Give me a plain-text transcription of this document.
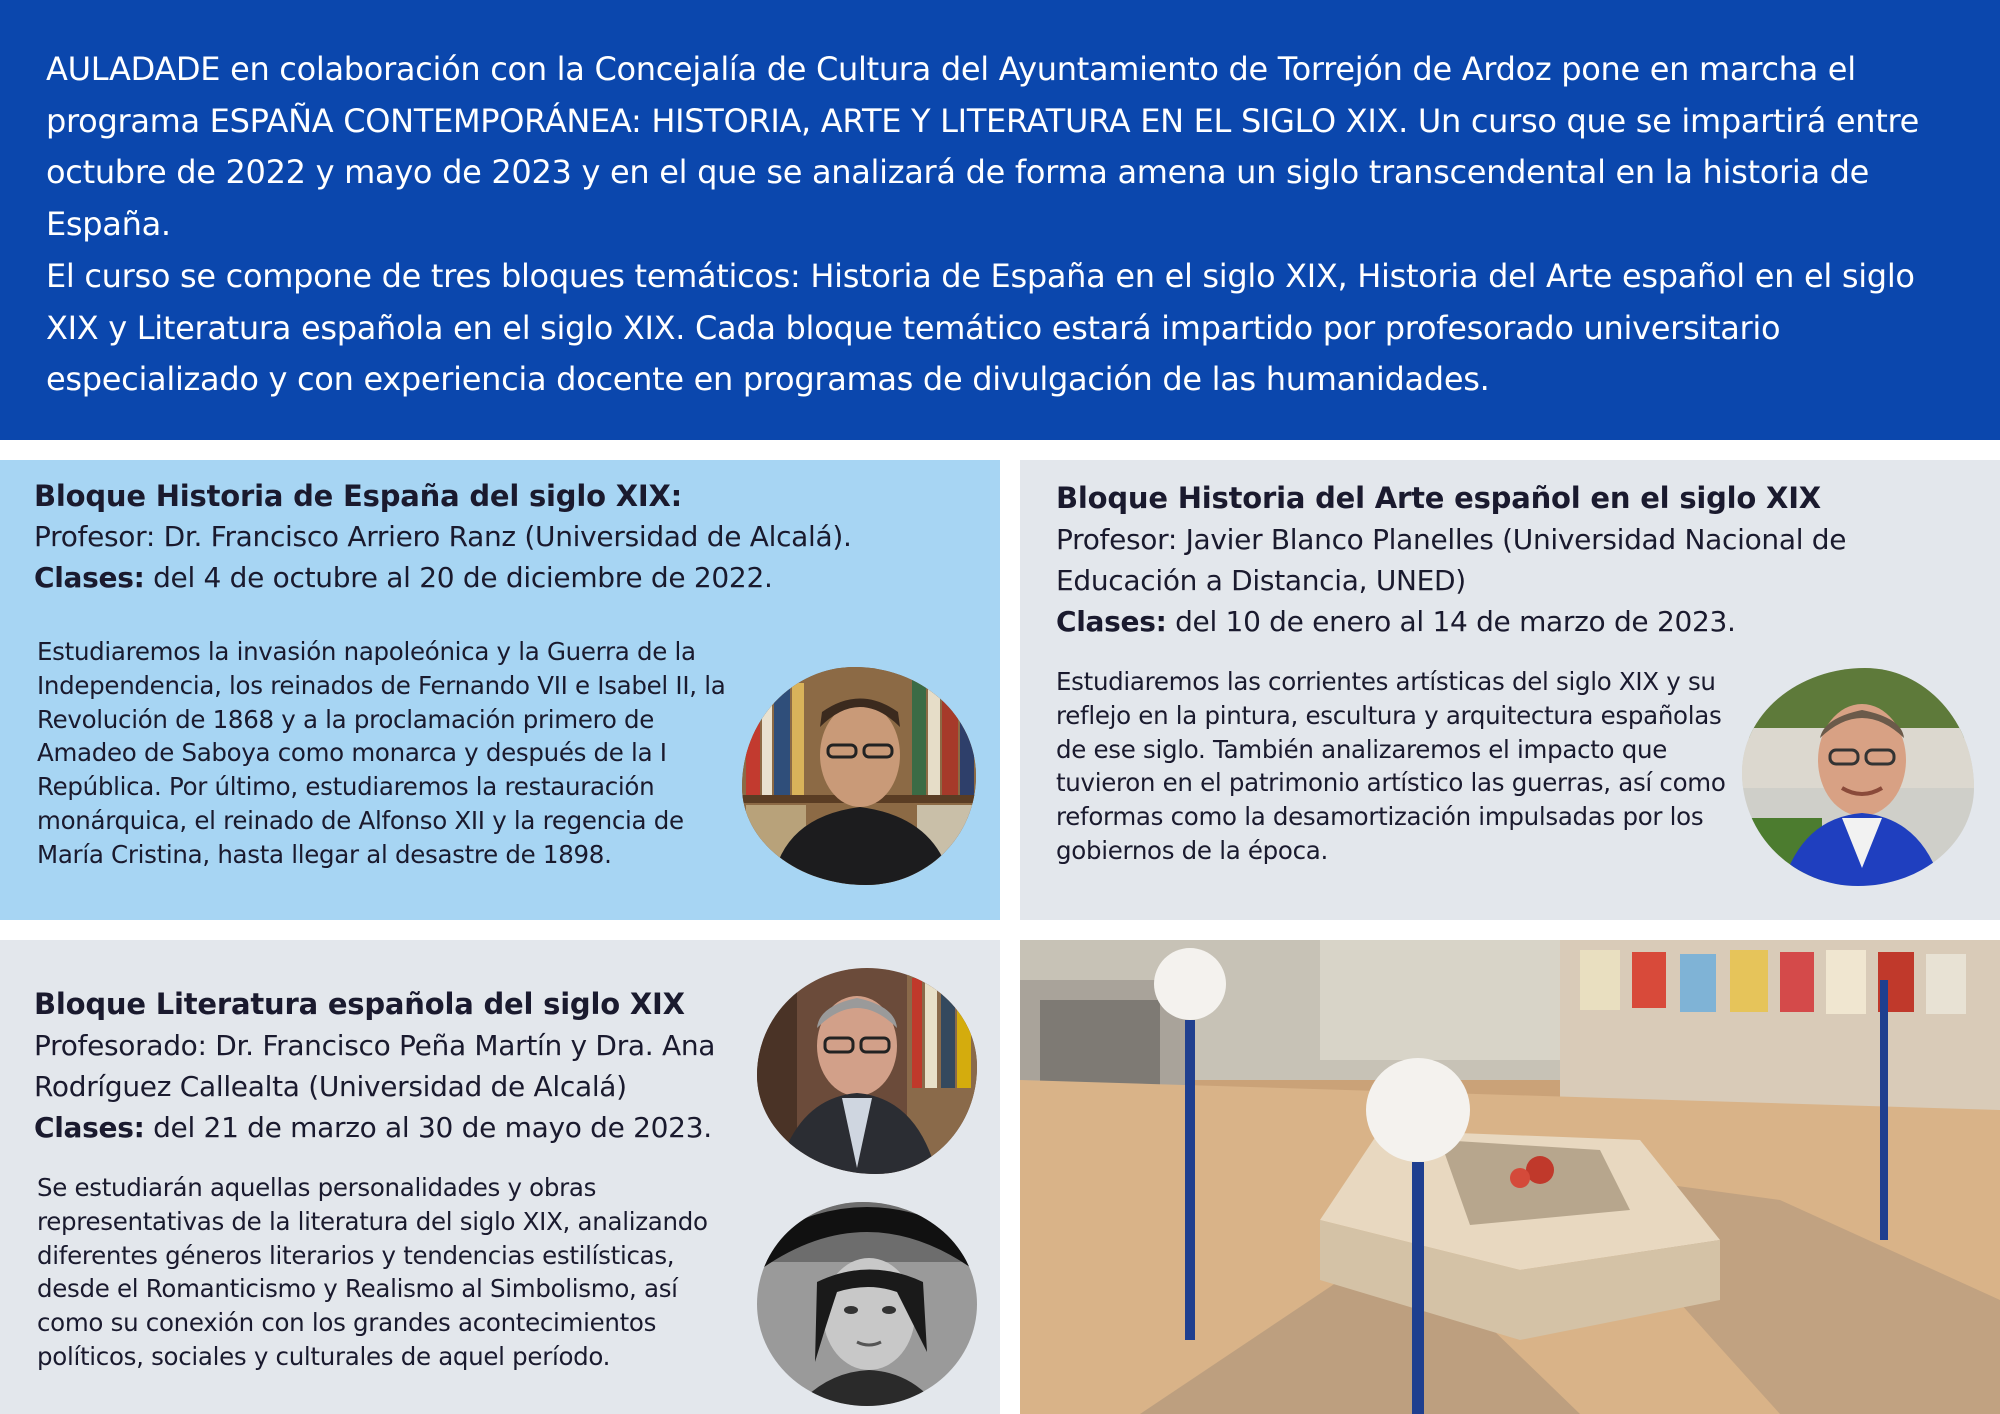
AULADADE en colaboración con la Concejalía de Cultura del Ayuntamiento de Torrejón de Ardoz pone en marcha el programa ESPAÑA CONTEMPORÁNEA: HISTORIA, ARTE Y LITERATURA EN EL SIGLO XIX. Un curso que se impartirá entre octubre de 2022 y mayo de 2023 y en el que se analizará de forma amena un siglo transcendental en la historia de España.

El curso se compone de tres bloques temáticos: Historia de España en el siglo XIX, Historia del Arte español en el siglo XIX y Literatura española en el siglo XIX. Cada bloque temático estará impartido por profesorado universitario especializado y con experiencia docente en programas de divulgación de las humanidades.

Bloque Historia de España del siglo XIX:

Profesor: Dr. Francisco Arriero Ranz (Universidad de Alcalá).

Clases: del 4 de octubre al 20 de diciembre de 2022.

Estudiaremos la invasión napoleónica y la Guerra de la Independencia, los reinados de Fernando VII e Isabel II, la Revolución de 1868 y a la proclamación primero de Amadeo de Saboya como monarca y después de la I República. Por último, estudiaremos la restauración monárquica, el reinado de Alfonso XII y la regencia de María Cristina, hasta llegar al desastre de 1898.

Bloque Historia del Arte español en el siglo XIX

Profesor: Javier Blanco Planelles (Universidad Nacional de Educación a Distancia, UNED)

Clases: del 10 de enero al 14 de marzo de 2023.

Estudiaremos las corrientes artísticas del siglo XIX y su reflejo en la pintura, escultura y arquitectura españolas de ese siglo. También analizaremos el impacto que tuvieron en el patrimonio artístico las guerras, así como reformas como la desamortización impulsadas por los gobiernos de la época.

Bloque Literatura española del siglo XIX

Profesorado: Dr. Francisco Peña Martín y Dra. Ana Rodríguez Callealta (Universidad de Alcalá)

Clases: del 21 de marzo al 30 de mayo de 2023.

Se estudiarán aquellas personalidades y obras representativas de la literatura del siglo XIX, analizando diferentes géneros literarios y tendencias estilísticas, desde el Romanticismo y Realismo al Simbolismo, así como su conexión con los grandes acontecimientos políticos, sociales y culturales de aquel período.
